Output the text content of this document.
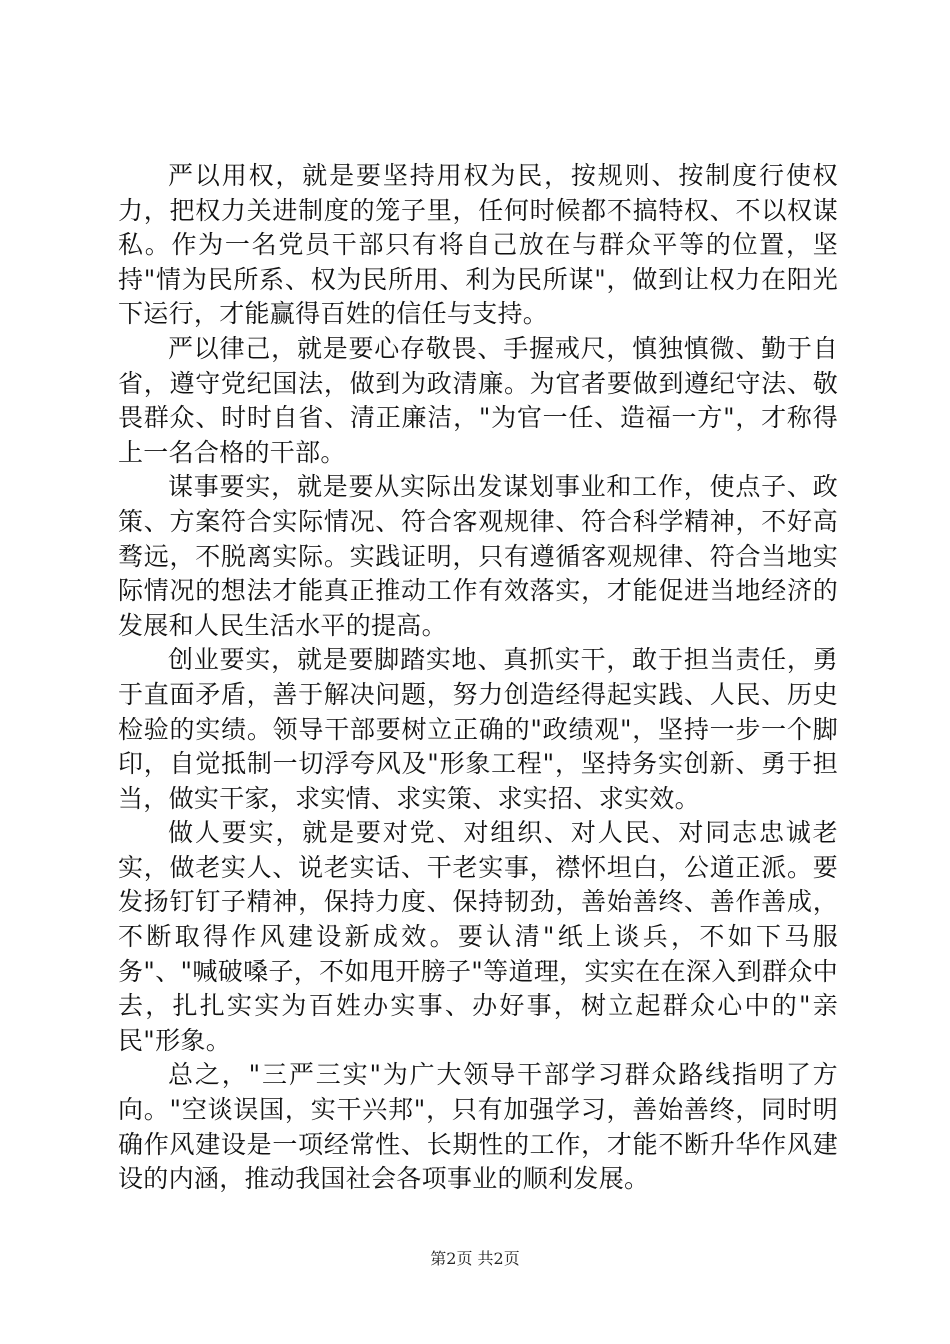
严以用权，就是要坚持用权为民，按规则、按制度行使权力，把权力关进制度的笼子里，任何时候都不搞特权、不以权谋私。作为一名党员干部只有将自己放在与群众平等的位置，坚持"情为民所系、权为民所用、利为民所谋"，做到让权力在阳光下运行，才能赢得百姓的信任与支持。

严以律己，就是要心存敬畏、手握戒尺，慎独慎微、勤于自省，遵守党纪国法，做到为政清廉。为官者要做到遵纪守法、敬畏群众、时时自省、清正廉洁，"为官一任、造福一方"，才称得上一名合格的干部。

谋事要实，就是要从实际出发谋划事业和工作，使点子、政策、方案符合实际情况、符合客观规律、符合科学精神，不好高骛远，不脱离实际。实践证明，只有遵循客观规律、符合当地实际情况的想法才能真正推动工作有效落实，才能促进当地经济的发展和人民生活水平的提高。

创业要实，就是要脚踏实地、真抓实干，敢于担当责任，勇于直面矛盾，善于解决问题，努力创造经得起实践、人民、历史检验的实绩。领导干部要树立正确的"政绩观"，坚持一步一个脚印，自觉抵制一切浮夸风及"形象工程"，坚持务实创新、勇于担当，做实干家，求实情、求实策、求实招、求实效。

做人要实，就是要对党、对组织、对人民、对同志忠诚老实，做老实人、说老实话、干老实事，襟怀坦白，公道正派。要发扬钉钉子精神，保持力度、保持韧劲，善始善终、善作善成，不断取得作风建设新成效。要认清"纸上谈兵，不如下马服务"、"喊破嗓子，不如甩开膀子"等道理，实实在在深入到群众中去，扎扎实实为百姓办实事、办好事，树立起群众心中的"亲民"形象。

总之，"三严三实"为广大领导干部学习群众路线指明了方向。"空谈误国，实干兴邦"，只有加强学习，善始善终，同时明确作风建设是一项经常性、长期性的工作，才能不断升华作风建设的内涵，推动我国社会各项事业的顺利发展。

第2页 共2页
